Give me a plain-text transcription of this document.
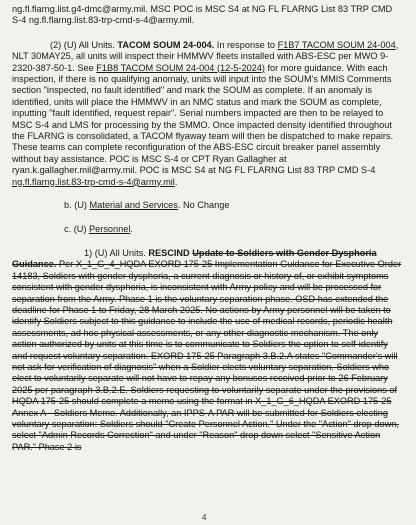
ng.fl.flarng.list.g4-dmc@army.mil. MSC POC is MSC S4 at NG FL FLARNG List 83 TRP CMD S-4 ng.fl.flarng.list.83-trp-cmd-s-4@army.mil.

(2) (U) All Units. TACOM SOUM 24-004. In response to F1B7 TACOM SOUM 24-004, NLT 30MAY25, all units will inspect their HMMWV fleets installed with ABS-ESC per MWO 9-2320-387-50-1. See F1B8 TACOM SOUM 24-004 (12-5-2024) for more guidance. With each inspection, if there is no qualifying anomaly, units will input into the SOUM's MMIS Comments section "inspected, no fault identified" and mark the SOUM as complete. If an anomaly is identified, units will place the HMMWV in an NMC status and mark the SOUM as complete, inputting "fault identified, request repair". Serial numbers impacted are then to be relayed to MSC S-4 and LMS for processing by the SMMO. Once impacted density identified throughout the FLARNG is consolidated, a TACOM flyaway team will then be dispatched to make repairs. These teams can complete reconfiguration of the ABS-ESC circuit breaker panel assembly without bay assistance. POC is MSC S-4 or CPT Ryan Gallagher at ryan.k.gallagher.mil@army.mil. POC is MSC S4 at NG FL FLARNG List 83 TRP CMD S-4 ng.fl.flarng.list.83-trp-cmd-s-4@army.mil.

b. (U) Material and Services. No Change

c. (U) Personnel.

1) (U) All Units. RESCIND Update to Soldiers with Gender Dysphoria Guidance. Per X_1_G_4_HQDA EXORD 175-25 Implementation Guidance for Executive Order 14183, Soldiers with gender dysphoria, a current diagnosis or history of, or exhibit symptoms consistent with gender dysphoria, is inconsistent with Army policy and will be processed for separation from the Army. Phase 1 is the voluntary separation phase. OSD has extended the deadline for Phase 1 to Friday, 28 March 2025. No actions by Army personnel will be taken to identify Soldiers subject to this guidance to include the use of medical records, periodic health assessments, ad hoc physical assessments, or any other diagnostic mechanism. The only action authorized by units at this time is to communicate to Soldiers the option to self-identify and request voluntary separation. EXORD 175-25 Paragraph 3.B.2.A states "Commander's will not ask for verification of diagnosis" when a Soldier elects voluntary separation. Soldiers who elect to voluntarily separate will not have to repay any bonuses received prior to 26 February 2025 per paragraph 3.B.2.E. Soldiers requesting to voluntarily separate under the provisions of HQDA 175-25 should complete a memo using the format in X_1_G_6_HQDA EXORD 175-25 Annex A - Soldiers Memo. Additionally, an IPPS-A PAR will be submitted for Soldiers electing voluntary separation: Soldiers should "Create Personnel Action." Under the "Action" drop down, select "Admin Records Correction" and under "Reason" drop down select "Sensitive Action PAR." Phase 2 is

4
